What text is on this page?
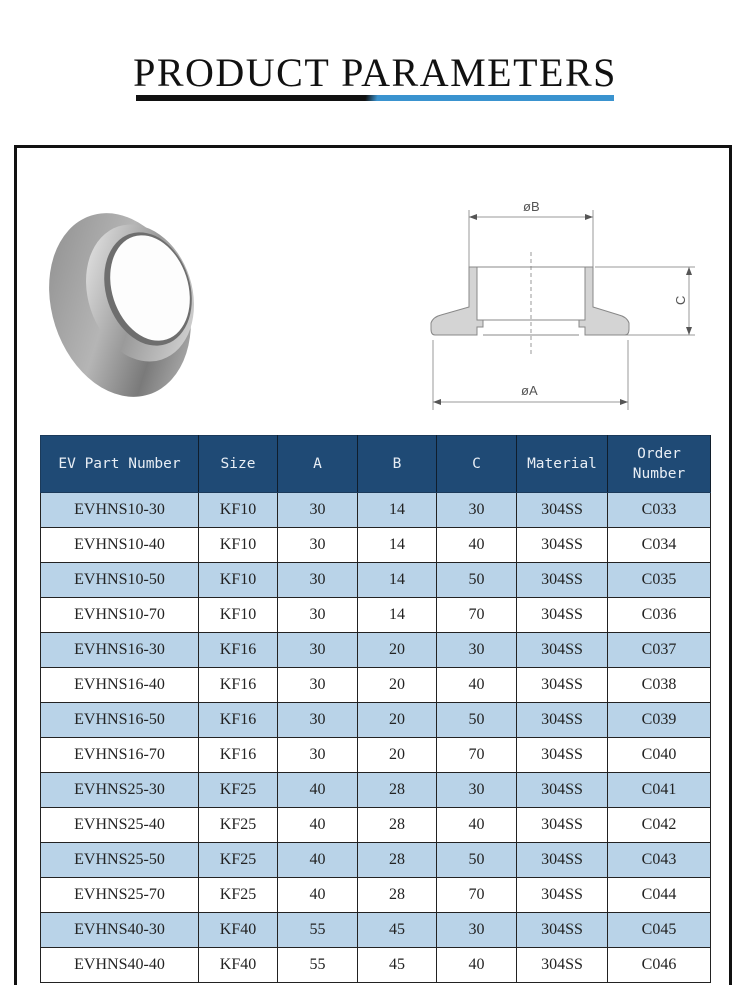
PRODUCT PARAMETERS
øB
øA
C
EV Part Number	Size	A	B	C	Material	Order Number
EVHNS10-30	KF10	30	14	30	304SS	C033
EVHNS10-40	KF10	30	14	40	304SS	C034
EVHNS10-50	KF10	30	14	50	304SS	C035
EVHNS10-70	KF10	30	14	70	304SS	C036
EVHNS16-30	KF16	30	20	30	304SS	C037
EVHNS16-40	KF16	30	20	40	304SS	C038
EVHNS16-50	KF16	30	20	50	304SS	C039
EVHNS16-70	KF16	30	20	70	304SS	C040
EVHNS25-30	KF25	40	28	30	304SS	C041
EVHNS25-40	KF25	40	28	40	304SS	C042
EVHNS25-50	KF25	40	28	50	304SS	C043
EVHNS25-70	KF25	40	28	70	304SS	C044
EVHNS40-30	KF40	55	45	30	304SS	C045
EVHNS40-40	KF40	55	45	40	304SS	C046
